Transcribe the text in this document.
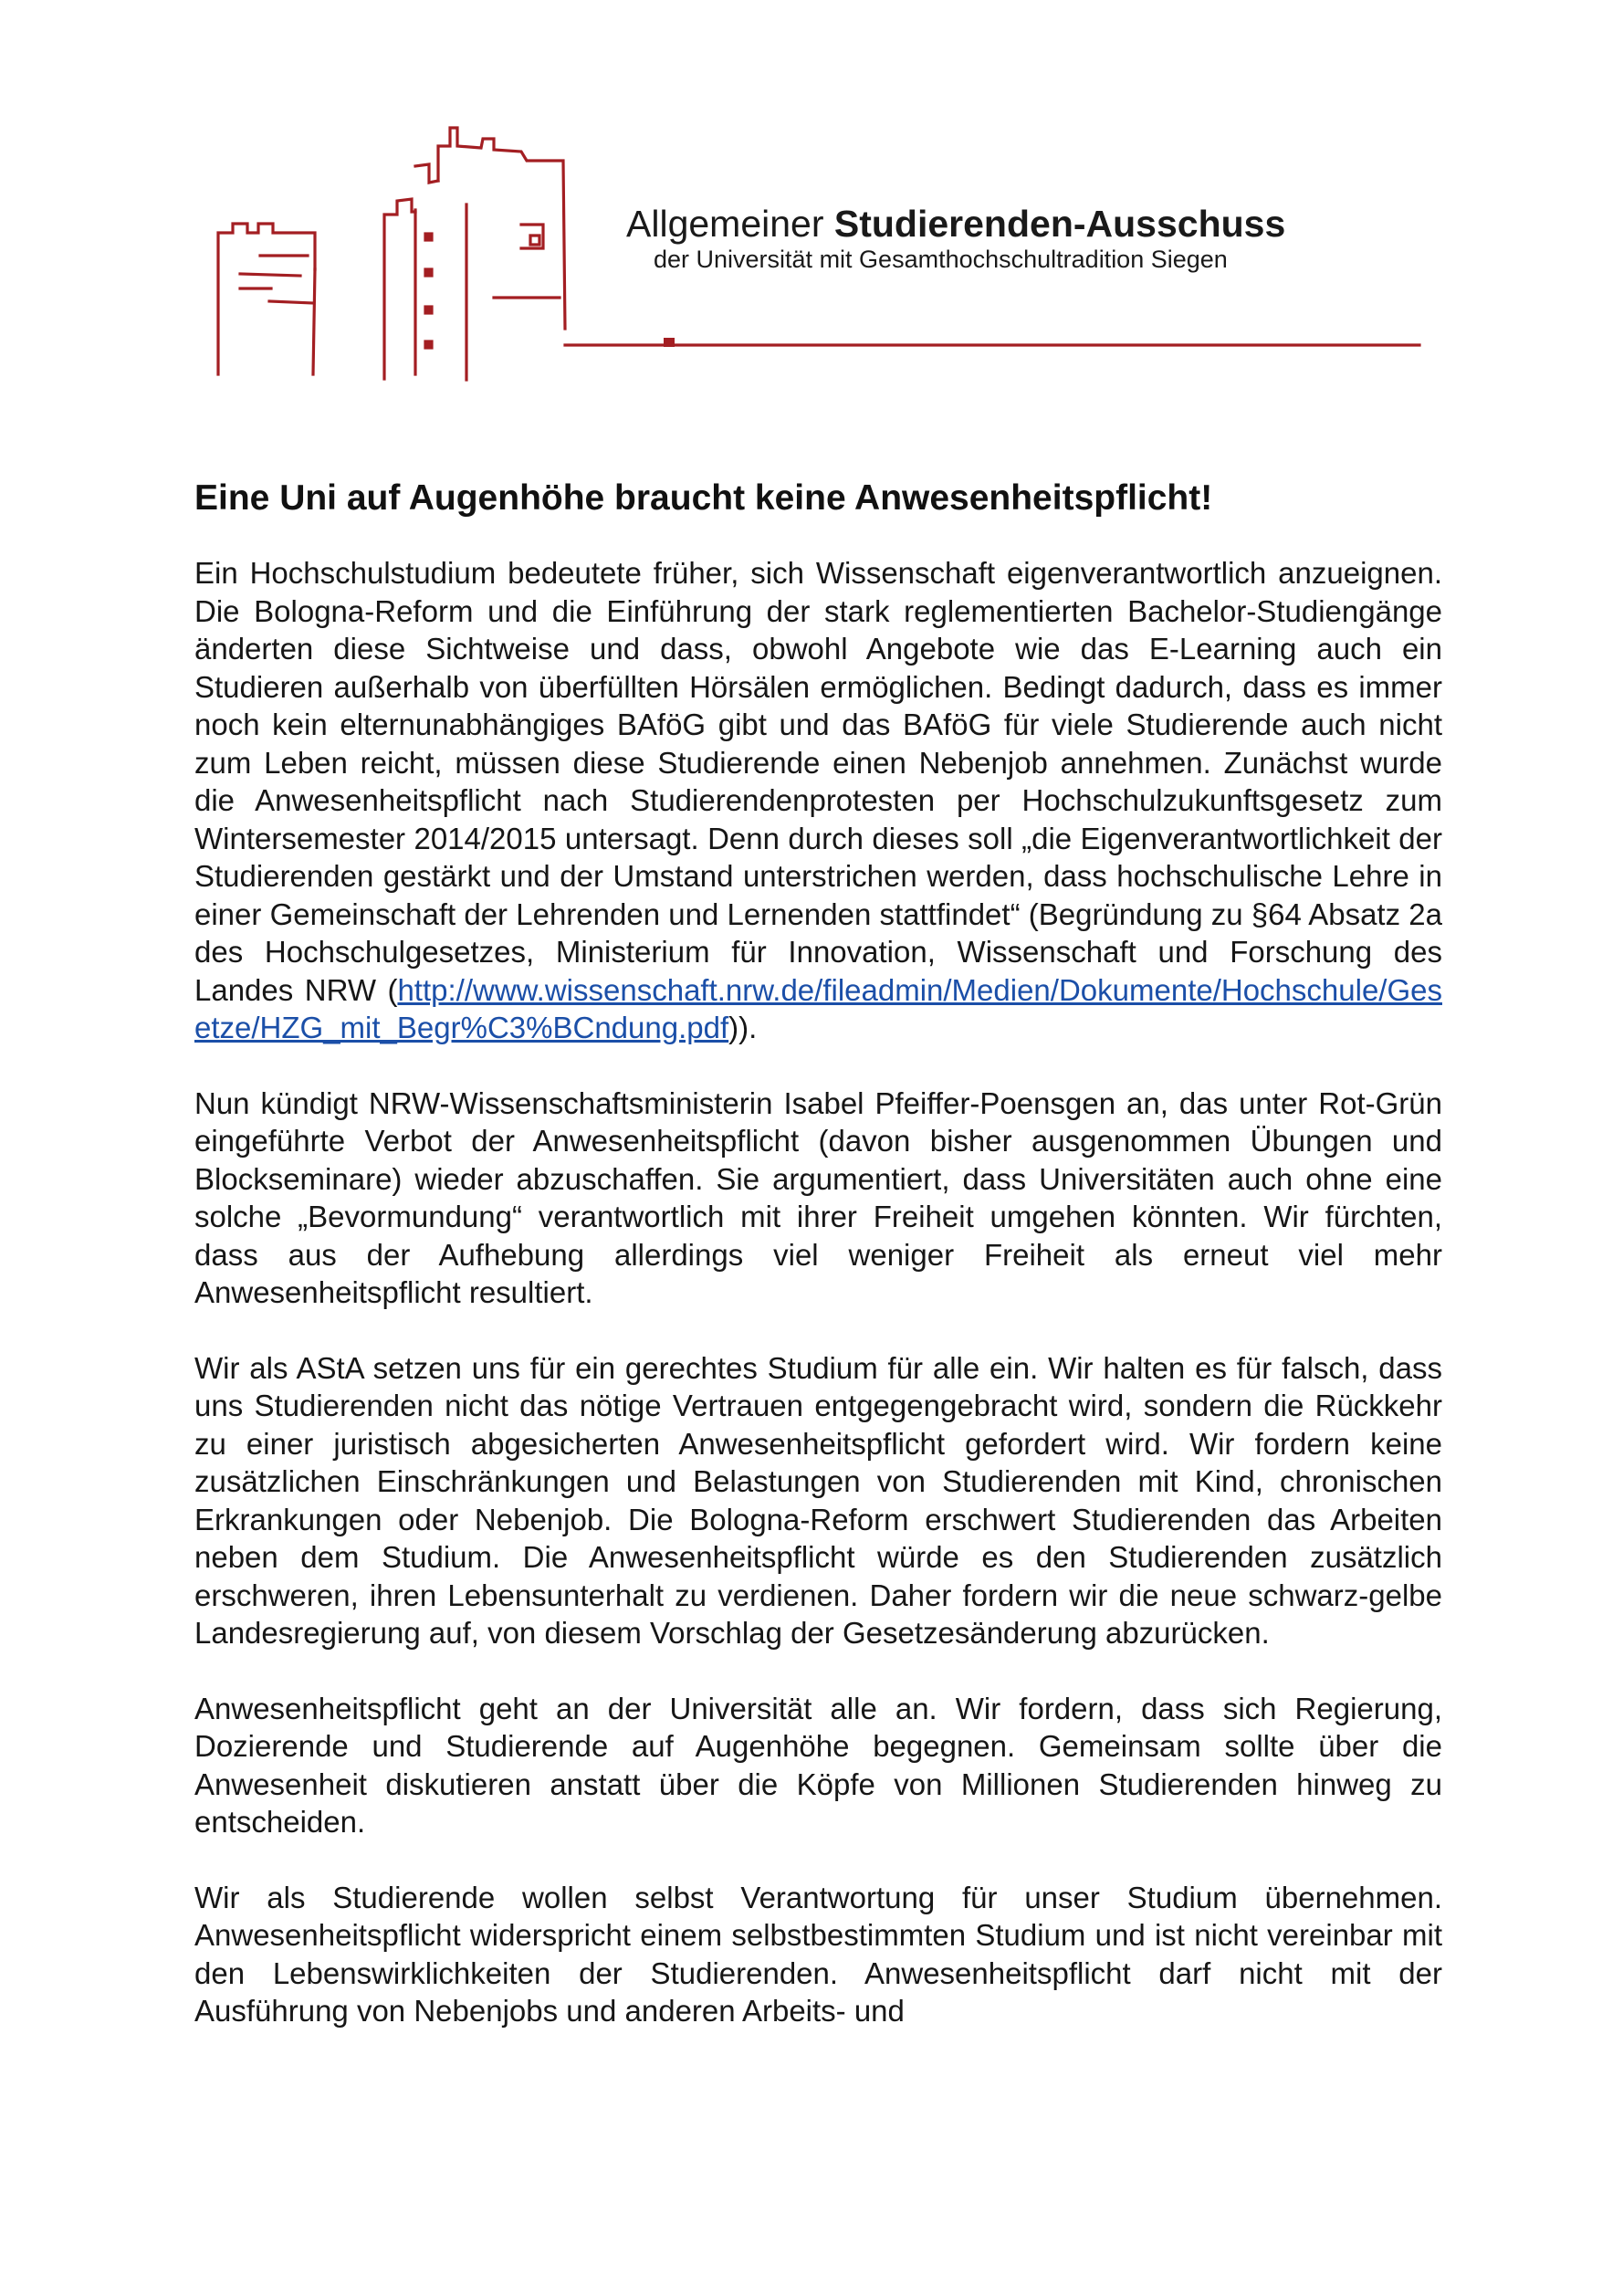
Allgemeiner Studierenden-Ausschuss
der Universität mit Gesamthochschultradition Siegen
Eine Uni auf Augenhöhe braucht keine Anwesenheitspflicht!

Ein Hochschulstudium bedeutete früher, sich Wissenschaft eigenverantwortlich anzueignen. Die Bologna-Reform und die Einführung der stark reglementierten Bachelor-Studiengänge änderten diese Sichtweise und dass, obwohl Angebote wie das E-Learning auch ein Studieren außerhalb von überfüllten Hörsälen ermöglichen. Bedingt dadurch, dass es immer noch kein elternunabhängiges BAföG gibt und das BAföG für viele Studierende auch nicht zum Leben reicht, müssen diese Studierende einen Nebenjob annehmen. Zunächst wurde die Anwesenheitspflicht nach Studierendenprotesten per Hochschulzukunftsgesetz zum Wintersemester 2014/2015 untersagt. Denn durch dieses soll „die Eigenverantwortlichkeit der Studierenden gestärkt und der Umstand unterstrichen werden, dass hochschulische Lehre in einer Gemeinschaft der Lehrenden und Lernenden stattfindet“ (Begründung zu §64 Absatz 2a des Hochschulgesetzes, Ministerium für Innovation, Wissenschaft und Forschung des Landes NRW (http://www.wissenschaft.nrw.de/fileadmin/Medien/Dokumente/Hochschule/Gesetze/HZG_mit_Begr%C3%BCndung.pdf)).

Nun kündigt NRW-Wissenschaftsministerin Isabel Pfeiffer-Poensgen an, das unter Rot-Grün eingeführte Verbot der Anwesenheitspflicht (davon bisher ausgenommen Übungen und Blockseminare) wieder abzuschaffen. Sie argumentiert, dass Universitäten auch ohne eine solche „Bevormundung“ verantwortlich mit ihrer Freiheit umgehen könnten. Wir fürchten, dass aus der Aufhebung allerdings viel weniger Freiheit als erneut viel mehr Anwesenheitspflicht resultiert.

Wir als AStA setzen uns für ein gerechtes Studium für alle ein. Wir halten es für falsch, dass uns Studierenden nicht das nötige Vertrauen entgegengebracht wird, sondern die Rückkehr zu einer juristisch abgesicherten Anwesenheitspflicht gefordert wird. Wir fordern keine zusätzlichen Einschränkungen und Belastungen von Studierenden mit Kind, chronischen Erkrankungen oder Nebenjob. Die Bologna-Reform erschwert Studierenden das Arbeiten neben dem Studium. Die Anwesenheitspflicht würde es den Studierenden zusätzlich erschweren, ihren Lebensunterhalt zu verdienen. Daher fordern wir die neue schwarz-gelbe Landesregierung auf, von diesem Vorschlag der Gesetzesänderung abzurücken.

Anwesenheitspflicht geht an der Universität alle an. Wir fordern, dass sich Regierung, Dozierende und Studierende auf Augenhöhe begegnen. Gemeinsam sollte über die Anwesenheit diskutieren anstatt über die Köpfe von Millionen Studierenden hinweg zu entscheiden.

Wir als Studierende wollen selbst Verantwortung für unser Studium übernehmen. Anwesenheitspflicht widerspricht einem selbstbestimmten Studium und ist nicht vereinbar mit den Lebenswirklichkeiten der Studierenden. Anwesenheitspflicht darf nicht mit der Ausführung von Nebenjobs und anderen Arbeits- und
